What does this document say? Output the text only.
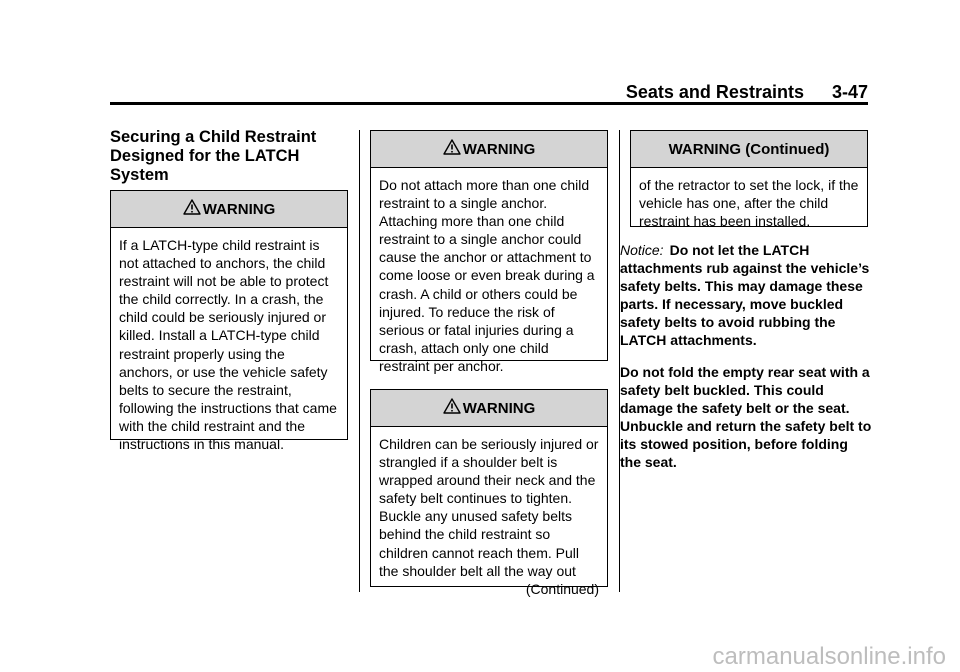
Seats and Restraints 3-47
Securing a Child Restraint Designed for the LATCH System
WARNING
If a LATCH-type child restraint is not attached to anchors, the child restraint will not be able to protect the child correctly. In a crash, the child could be seriously injured or killed. Install a LATCH-type child restraint properly using the anchors, or use the vehicle safety belts to secure the restraint, following the instructions that came with the child restraint and the instructions in this manual.
WARNING
Do not attach more than one child restraint to a single anchor. Attaching more than one child restraint to a single anchor could cause the anchor or attachment to come loose or even break during a crash. A child or others could be injured. To reduce the risk of serious or fatal injuries during a crash, attach only one child restraint per anchor.
WARNING
Children can be seriously injured or strangled if a shoulder belt is wrapped around their neck and the safety belt continues to tighten. Buckle any unused safety belts behind the child restraint so children cannot reach them. Pull the shoulder belt all the way out
(Continued)
WARNING (Continued)
of the retractor to set the lock, if the vehicle has one, after the child restraint has been installed.
Notice: Do not let the LATCH attachments rub against the vehicle’s safety belts. This may damage these parts. If necessary, move buckled safety belts to avoid rubbing the LATCH attachments.
Do not fold the empty rear seat with a safety belt buckled. This could damage the safety belt or the seat. Unbuckle and return the safety belt to its stowed position, before folding the seat.
carmanualsonline.info
